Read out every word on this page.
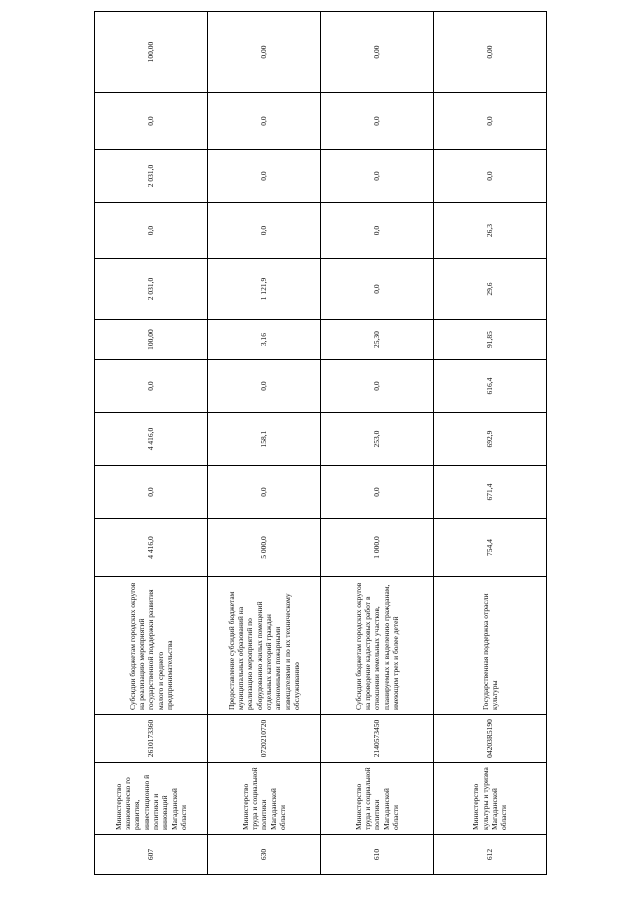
607	Министерство экономическо го развития, инвестиционно й политики и инноваций Магаданской области	2610173360	Субсидии бюджетам городских округов на реализацию мероприятий государственной поддержки развития малого и среднего предпринимательства	4 416,0	0,0	4 416,0	0,0	100,00	2 031,0	0,0	2 031,0	0,0	100,00
630	Министерство труда и социальной политики Магаданской области	0720210720	Предоставление субсидий бюджетам муниципальных образований на реализацию мероприятий по оборудованию жилых помещений отдельных категорий граждан автономными пожарными извещателями и по их техническому обслуживанию	5 000,0	0,0	158,1	0,0	3,16	1 121,9	0,0	0,0	0,0	0,00
610	Министерство труда и социальной политики Магаданской области	2140573450	Субсидии бюджетам городских округов на проведение кадастровых работ в отношении земельных участков, планируемых к выделению гражданам, имеющим трех и более детей	1 000,0	0,0	253,0	0,0	25,30	0,0	0,0	0,0	0,0	0,00
612	Министерство культуры и туризма Магаданской области	04203R5190	Государственная поддержка отрасли культуры	754,4	671,4	692,9	616,4	91,85	29,6	26,3	0,0	0,0	0,00
